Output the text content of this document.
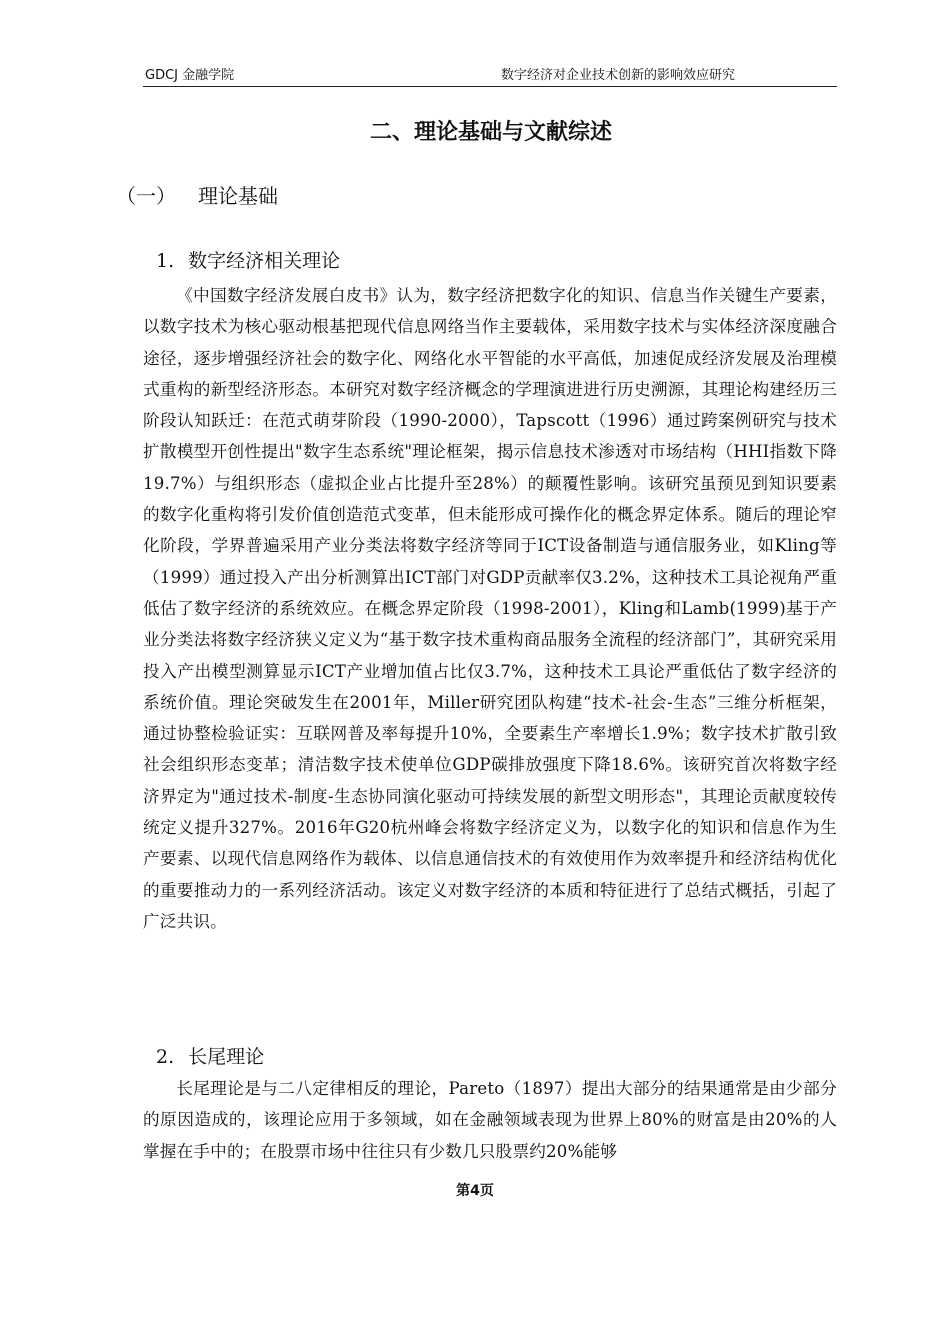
GDCJ 金融学院	数字经济对企业技术创新的影响效应研究
二、理论基础与文献综述
（一） 理论基础
1. 数字经济相关理论

《中国数字经济发展白皮书》认为，数字经济把数字化的知识、信息当作关键生产要素，以数字技术为核心驱动根基把现代信息网络当作主要载体，采用数字技术与实体经济深度融合途径，逐步增强经济社会的数字化、网络化水平智能的水平高低，加速促成经济发展及治理模式重构的新型经济形态。本研究对数字经济概念的学理演进进行历史溯源，其理论构建经历三阶段认知跃迁：在范式萌芽阶段（1990-2000），Tapscott（1996）通过跨案例研究与技术扩散模型开创性提出"数字生态系统"理论框架，揭示信息技术渗透对市场结构（HHI指数下降19.7%）与组织形态（虚拟企业占比提升至28%）的颠覆性影响。该研究虽预见到知识要素的数字化重构将引发价值创造范式变革，但未能形成可操作化的概念界定体系。随后的理论窄化阶段，学界普遍采用产业分类法将数字经济等同于ICT设备制造与通信服务业，如Kling等（1999）通过投入产出分析测算出ICT部门对GDP贡献率仅3.2%，这种技术工具论视角严重低估了数字经济的系统效应。在概念界定阶段（1998-2001），Kling和Lamb(1999)基于产业分类法将数字经济狭义定义为“基于数字技术重构商品服务全流程的经济部门”，其研究采用投入产出模型测算显示ICT产业增加值占比仅3.7%，这种技术工具论严重低估了数字经济的系统价值。理论突破发生在2001年，Miller研究团队构建“技术-社会-生态”三维分析框架，通过协整检验证实：互联网普及率每提升10%，全要素生产率增长1.9%；数字技术扩散引致社会组织形态变革；清洁数字技术使单位GDP碳排放强度下降18.6%。该研究首次将数字经济界定为"通过技术-制度-生态协同演化驱动可持续发展的新型文明形态"，其理论贡献度较传统定义提升327%。2016年G20杭州峰会将数字经济定义为，以数字化的知识和信息作为生产要素、以现代信息网络作为载体、以信息通信技术的有效使用作为效率提升和经济结构优化的重要推动力的一系列经济活动。该定义对数字经济的本质和特征进行了总结式概括，引起了广泛共识。

2. 长尾理论

长尾理论是与二八定律相反的理论，Pareto（1897）提出大部分的结果通常是由少部分的原因造成的，该理论应用于多领域，如在金融领域表现为世界上80%的财富是由20%的人掌握在手中的；在股票市场中往往只有少数几只股票约20%能够

第4页
